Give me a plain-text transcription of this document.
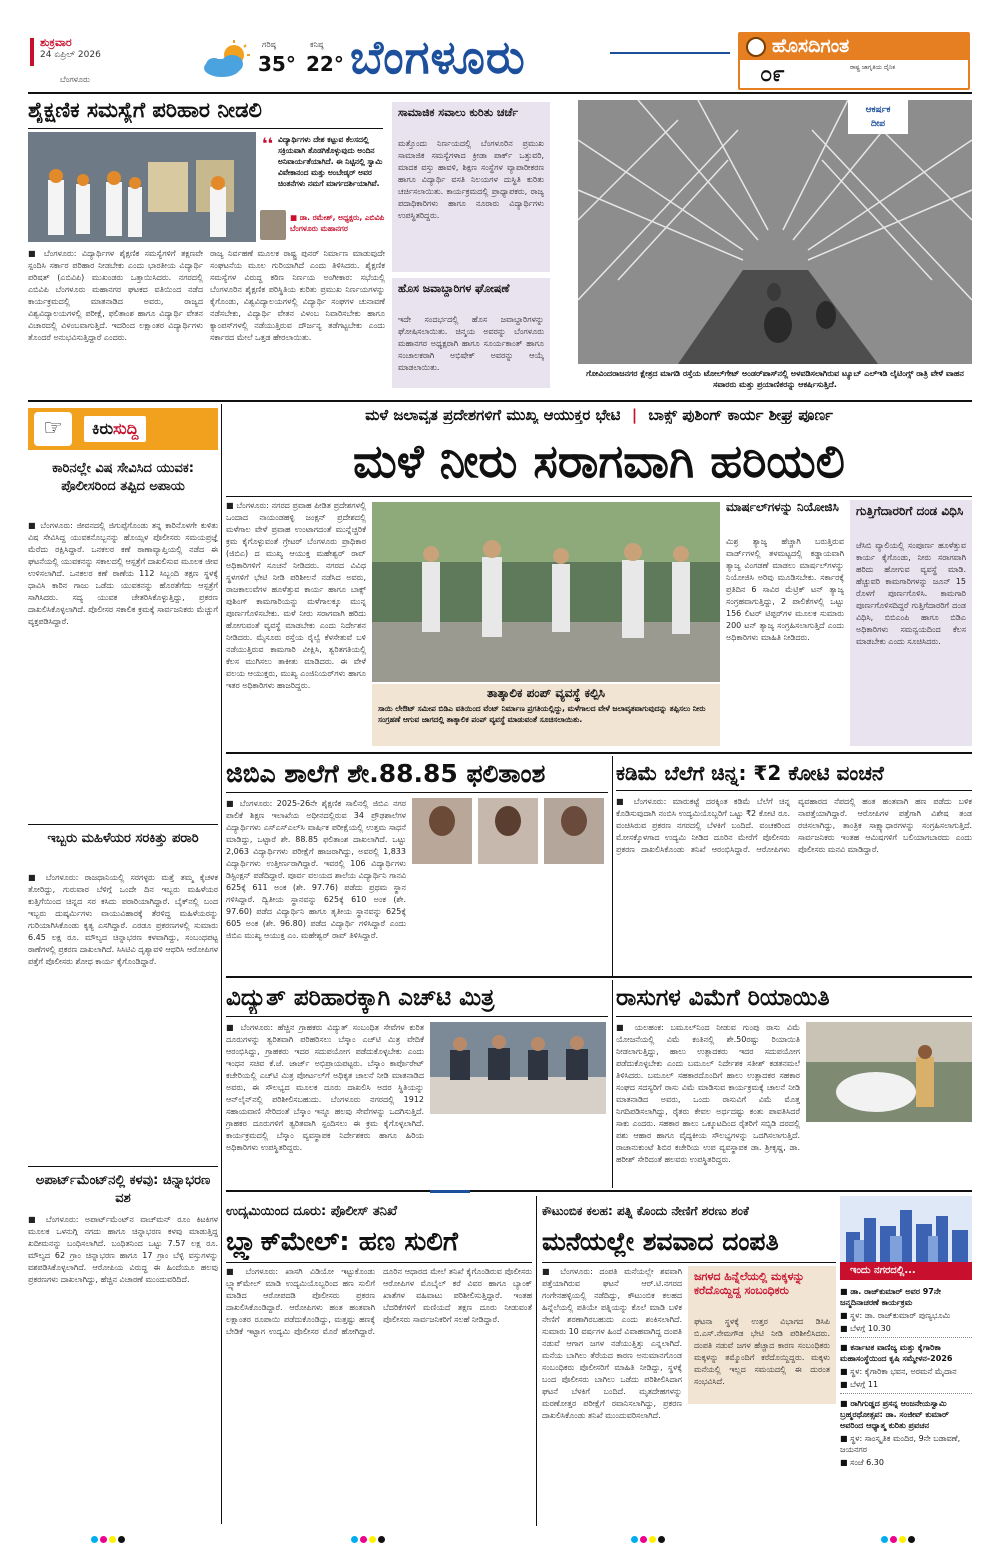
ಶುಕ್ರವಾರ
24 ಏಪ್ರಿಲ್ 2026
ಬೆಂಗಳೂರು
ಗರಿಷ್ಠ
35°
ಕನಿಷ್ಠ
22° ಬೆಂಗಳೂರು	ಹೊಸದಿಗಂತ
ರಾಷ್ಟ್ರ ಜಾಗೃತಿಯ ದೈನಿಕ
೦೯
ಶೈಕ್ಷಣಿಕ ಸಮಸ್ಯೆಗೆ ಪರಿಹಾರ ನೀಡಲಿ
❛❛ ವಿದ್ಯಾರ್ಥಿಗಳು ದೇಶ ಕಟ್ಟುವ ಕೆಲಸದಲ್ಲಿ ಸಕ್ರಿಯವಾಗಿ ತೊಡಗಿಕೊಳ್ಳುವುದು ಅಂದಿನ ಅನಿವಾರ್ಯತೆಯಾಗಿದೆ. ಈ ನಿಟ್ಟಿನಲ್ಲಿ ಸ್ವಾಮಿ ವಿವೇಕಾನಂದ ಮತ್ತು ಅಂಬೇಡ್ಕರ್ ಅವರ ಚಿಂತನೆಗಳು ನಮಗೆ ಮಾರ್ಗದರ್ಶಿಯಾಗಿವೆ.
■ ಡಾ. ರಮೇಶ್, ಅಧ್ಯಕ್ಷರು, ಎಬಿವಿಪಿ ಬೆಂಗಳೂರು ಮಹಾನಗರ
■ ಬೆಂಗಳೂರು: ವಿದ್ಯಾರ್ಥಿಗಳ ಶೈಕ್ಷಣಿಕ ಸಮಸ್ಯೆಗಳಿಗೆ ತಕ್ಷಣವೇ ಸ್ಪಂದಿಸಿ ಸರ್ಕಾರ ಪರಿಹಾರ ನೀಡಬೇಕು ಎಂದು ಭಾರತೀಯ ವಿದ್ಯಾರ್ಥಿ ಪರಿಷತ್ (ಎಬಿವಿಪಿ) ಮುಖಂಡರು ಒತ್ತಾಯಿಸಿದರು. ನಗರದಲ್ಲಿ ಎಬಿವಿಪಿ ಬೆಂಗಳೂರು ಮಹಾನಗರ ಘಟಕದ ವತಿಯಿಂದ ನಡೆದ ಕಾರ್ಯಕ್ರಮದಲ್ಲಿ ಮಾತನಾಡಿದ ಅವರು, ರಾಜ್ಯದ ವಿಶ್ವವಿದ್ಯಾಲಯಗಳಲ್ಲಿ ಪರೀಕ್ಷೆ, ಫಲಿತಾಂಶ ಹಾಗೂ ವಿದ್ಯಾರ್ಥಿ ವೇತನ ವಿಚಾರದಲ್ಲಿ ವಿಳಂಬವಾಗುತ್ತಿದೆ. ಇದರಿಂದ ಲಕ್ಷಾಂತರ ವಿದ್ಯಾರ್ಥಿಗಳು ತೊಂದರೆ ಅನುಭವಿಸುತ್ತಿದ್ದಾರೆ ಎಂದರು.
ರಾಜ್ಯ ನಿರ್ವಹಣೆ ಮೂಲಕ ರಾಷ್ಟ್ರ ಪುನರ್ ನಿರ್ಮಾಣ ಮಾಡುವುದೇ ಸಂಘಟನೆಯ ಮೂಲ ಗುರಿಯಾಗಿದೆ ಎಂದು ತಿಳಿಸಿದರು. ಶೈಕ್ಷಣಿಕ ಸಮಸ್ಯೆಗಳ ವಿರುದ್ಧ ಕಠಿಣ ನಿರ್ಣಯ ಅಂಗೀಕಾರ: ಸಭೆಯಲ್ಲಿ ಬೆಂಗಳೂರಿನ ಶೈಕ್ಷಣಿಕ ಪರಿಸ್ಥಿತಿಯ ಕುರಿತು ಪ್ರಮುಖ ನಿರ್ಣಯಗಳನ್ನು ಕೈಗೊಂಡು, ವಿಶ್ವವಿದ್ಯಾಲಯಗಳಲ್ಲಿ ವಿದ್ಯಾರ್ಥಿ ಸಂಘಗಳ ಚುನಾವಣೆ ನಡೆಸಬೇಕು, ವಿದ್ಯಾರ್ಥಿ ವೇತನ ವಿಳಂಬ ನಿವಾರಿಸಬೇಕು ಹಾಗೂ ಕ್ಯಾಂಪಸ್‌ಗಳಲ್ಲಿ ನಡೆಯುತ್ತಿರುವ ದೌರ್ಜನ್ಯ ತಡೆಗಟ್ಟಬೇಕು ಎಂದು ಸರ್ಕಾರದ ಮೇಲೆ ಒತ್ತಡ ಹೇರಲಾಯಿತು.
ಸಾಮಾಜಿಕ ಸವಾಲು ಕುರಿತು ಚರ್ಚೆ
ಮತ್ತೊಂದು ನಿರ್ಣಯದಲ್ಲಿ ಬೆಂಗಳೂರಿನ ಪ್ರಮುಖ ಸಾಮಾಜಿಕ ಸಮಸ್ಯೆಗಳಾದ ಕ್ರೀಡಾ ಪಾರ್ಕ್ ಒತ್ತುವರಿ, ಮಾದಕ ವಸ್ತು ಹಾವಳಿ, ಶಿಕ್ಷಣ ಸಂಸ್ಥೆಗಳ ವ್ಯಾಪಾರೀಕರಣ ಹಾಗೂ ವಿದ್ಯಾರ್ಥಿ ವಸತಿ ನಿಲಯಗಳ ದುಸ್ಥಿತಿ ಕುರಿತು ಚರ್ಚಿಸಲಾಯಿತು. ಕಾರ್ಯಕ್ರಮದಲ್ಲಿ ಪ್ರಾಧ್ಯಾಪಕರು, ರಾಜ್ಯ ಪದಾಧಿಕಾರಿಗಳು ಹಾಗೂ ನೂರಾರು ವಿದ್ಯಾರ್ಥಿಗಳು ಉಪಸ್ಥಿತರಿದ್ದರು.
ಹೊಸ ಜವಾಬ್ದಾರಿಗಳ ಘೋಷಣೆ
ಇದೇ ಸಂದರ್ಭದಲ್ಲಿ ಹೊಸ ಜವಾಬ್ದಾರಿಗಳನ್ನು ಘೋಷಿಸಲಾಯಿತು. ಚಿನ್ಮಯ ಅವರನ್ನು ಬೆಂಗಳೂರು ಮಹಾನಗರ ಅಧ್ಯಕ್ಷರಾಗಿ ಹಾಗೂ ಸೂರ್ಯಕಾಂತ್ ಹಾಗೂ ಸಂಚಾಲಕರಾಗಿ ಅಭಿಷೇಕ್ ಅವರನ್ನು ಆಯ್ಕೆ ಮಾಡಲಾಯಿತು.
ಆಕರ್ಷಕ
ದೀಪ
ಗೋವಿಂದರಾಜನಗರ ಕ್ಷೇತ್ರದ ಮಾಗಡಿ ರಸ್ತೆಯ ಟೋಲ್‌ಗೇಟ್ ಅಂಡರ್‌ಪಾಸ್‌ನಲ್ಲಿ ಅಳವಡಿಸಲಾಗಿರುವ ಟ್ಯೂಬ್ ಎಲ್‌ಇಡಿ ಲೈಟಿಂಗ್ಸ್ ರಾತ್ರಿ ವೇಳೆ ವಾಹನ ಸವಾರರು ಮತ್ತು ಪ್ರಯಾಣಿಕರನ್ನು ಆಕರ್ಷಿಸುತ್ತಿದೆ.
☞	ಕಿರುಸುದ್ದಿ
ಕಾರಿನಲ್ಲೇ ವಿಷ ಸೇವಿಸಿದ ಯುವಕ: ಪೊಲೀಸರಿಂದ ತಪ್ಪಿದ ಅಪಾಯ
■ ಬೆಂಗಳೂರು: ಜೀವನದಲ್ಲಿ ಜಿಗುಪ್ಸೆಗೊಂಡು ತನ್ನ ಕಾರಿನೊಳಗೇ ಕುಳಿತು ವಿಷ ಸೇವಿಸಿದ್ದ ಯುವಕನೊಬ್ಬನನ್ನು ಹೊಯ್ಸಳ ಪೊಲೀಸರು ಸಮಯಪ್ರಜ್ಞೆ ಮೆರೆದು ರಕ್ಷಿಸಿದ್ದಾರೆ. ಒನಕಲರ ಕಣೆ ಠಾಣಾವ್ಯಾಪ್ತಿಯಲ್ಲಿ ನಡೆದ ಈ ಘಟನೆಯಲ್ಲಿ ಯುವಕನನ್ನು ಸಕಾಲದಲ್ಲಿ ಆಸ್ಪತ್ರೆಗೆ ದಾಖಲಿಸುವ ಮೂಲಕ ಜೀವ ಉಳಿಸಲಾಗಿದೆ. ಒನಕಲರ ಕಣೆ ಠಾಣೆಯ 112 ಸಿಬ್ಬಂದಿ ತಕ್ಷಣ ಸ್ಥಳಕ್ಕೆ ಧಾವಿಸಿ ಕಾರಿನ ಗಾಜು ಒಡೆದು ಯುವಕನನ್ನು ಹೊರತೆಗೆದು ಆಸ್ಪತ್ರೆಗೆ ಸಾಗಿಸಿದರು. ಸದ್ಯ ಯುವಕ ಚೇತರಿಸಿಕೊಳ್ಳುತ್ತಿದ್ದು, ಪ್ರಕರಣ ದಾಖಲಿಸಿಕೊಳ್ಳಲಾಗಿದೆ. ಪೊಲೀಸರ ಸಕಾಲಿಕ ಕ್ರಮಕ್ಕೆ ಸಾರ್ವಜನಿಕರು ಮೆಚ್ಚುಗೆ ವ್ಯಕ್ತಪಡಿಸಿದ್ದಾರೆ.
ಇಬ್ಬರು ಮಹಿಳೆಯರ ಸರಕಿತ್ತು ಪರಾರಿ
■ ಬೆಂಗಳೂರು: ರಾಜಧಾನಿಯಲ್ಲಿ ಸರಗಳ್ಳರು ಮತ್ತೆ ತಮ್ಮ ಕೈಚಳಕ ತೋರಿದ್ದು, ಗುರುವಾರ ಬೆಳಿಗ್ಗೆ ಒಂದೇ ದಿನ ಇಬ್ಬರು ಮಹಿಳೆಯರ ಕುತ್ತಿಗೆಯಿಂದ ಚಿನ್ನದ ಸರ ಕಸಿದು ಪರಾರಿಯಾಗಿದ್ದಾರೆ. ಬೈಕ್‌ನಲ್ಲಿ ಬಂದ ಇಬ್ಬರು ದುಷ್ಕರ್ಮಿಗಳು ವಾಯುವಿಹಾರಕ್ಕೆ ತೆರಳಿದ್ದ ಮಹಿಳೆಯರನ್ನು ಗುರಿಯಾಗಿಸಿಕೊಂಡು ಕೃತ್ಯ ಎಸಗಿದ್ದಾರೆ. ಎರಡೂ ಪ್ರಕರಣಗಳಲ್ಲಿ ಸುಮಾರು 6.45 ಲಕ್ಷ ರೂ. ಮೌಲ್ಯದ ಚಿನ್ನಾಭರಣ ಕಳವಾಗಿದ್ದು, ಸಂಬಂಧಪಟ್ಟ ಠಾಣೆಗಳಲ್ಲಿ ಪ್ರಕರಣ ದಾಖಲಾಗಿದೆ. ಸಿಸಿಟಿವಿ ದೃಶ್ಯಾವಳಿ ಆಧರಿಸಿ ಆರೋಪಿಗಳ ಪತ್ತೆಗೆ ಪೊಲೀಸರು ಶೋಧ ಕಾರ್ಯ ಕೈಗೊಂಡಿದ್ದಾರೆ.
ಅಪಾರ್ಟ್‌ಮೆಂಟ್‌ನಲ್ಲಿ ಕಳವು: ಚಿನ್ನಾಭರಣ ವಶ
■ ಬೆಂಗಳೂರು: ಅಪಾರ್ಟ್‌ಮೆಂಟ್‌ನ ವಾಚ್‌ಮನ್ ರೂಂ ಕಿಟಕಿಗಳ ಮೂಲಕ ಒಳನುಗ್ಗಿ ನಗದು ಹಾಗೂ ಚಿನ್ನಾಭರಣ ಕಳವು ಮಾಡುತ್ತಿದ್ದ ಖದೀಮನನ್ನು ಬಂಧಿಸಲಾಗಿದೆ. ಬಂಧಿತನಿಂದ ಒಟ್ಟು 7.57 ಲಕ್ಷ ರೂ. ಮೌಲ್ಯದ 62 ಗ್ರಾಂ ಚಿನ್ನಾಭರಣ ಹಾಗೂ 17 ಗ್ರಾಂ ಬೆಳ್ಳಿ ವಸ್ತುಗಳನ್ನು ವಶಪಡಿಸಿಕೊಳ್ಳಲಾಗಿದೆ. ಆರೋಪಿಯ ವಿರುದ್ಧ ಈ ಹಿಂದೆಯೂ ಹಲವು ಪ್ರಕರಣಗಳು ದಾಖಲಾಗಿದ್ದು, ಹೆಚ್ಚಿನ ವಿಚಾರಣೆ ಮುಂದುವರಿದಿದೆ.
ಮಳೆ ಜಲಾವೃತ ಪ್ರದೇಶಗಳಿಗೆ ಮುಖ್ಯ ಆಯುಕ್ತರ ಭೇಟಿ | ಬಾಕ್ಸ್ ಪುಶಿಂಗ್ ಕಾರ್ಯ ಶೀಘ್ರ ಪೂರ್ಣ
ಮಳೆ ನೀರು ಸರಾಗವಾಗಿ ಹರಿಯಲಿ
■ ಬೆಂಗಳೂರು: ನಗರದ ಪ್ರವಾಹ ಪೀಡಿತ ಪ್ರದೇಶಗಳಲ್ಲಿ ಒಂದಾದ ನಾಯಂಡಹಳ್ಳಿ ಜಂಕ್ಷನ್ ಪ್ರದೇಶದಲ್ಲಿ ಮಳೆಗಾಲ ವೇಳೆ ಪ್ರವಾಹ ಉಂಟಾಗದಂತೆ ಮುನ್ನೆಚ್ಚರಿಕೆ ಕ್ರಮ ಕೈಗೊಳ್ಳುವಂತೆ ಗ್ರೇಟರ್ ಬೆಂಗಳೂರು ಪ್ರಾಧಿಕಾರ (ಜಿಬಿಎ) ದ ಮುಖ್ಯ ಆಯುಕ್ತ ಮಹೇಶ್ವರ್ ರಾವ್ ಅಧಿಕಾರಿಗಳಿಗೆ ಸೂಚನೆ ನೀಡಿದರು. ನಗರದ ವಿವಿಧ ಸ್ಥಳಗಳಿಗೆ ಭೇಟಿ ನೀಡಿ ಪರಿಶೀಲನೆ ನಡೆಸಿದ ಅವರು, ರಾಜಕಾಲುವೆಗಳ ಹೂಳೆತ್ತುವ ಕಾರ್ಯ ಹಾಗೂ ಬಾಕ್ಸ್ ಪುಶಿಂಗ್ ಕಾಮಗಾರಿಯನ್ನು ಮಳೆಗಾಲಕ್ಕೂ ಮುನ್ನ ಪೂರ್ಣಗೊಳಿಸಬೇಕು. ಮಳೆ ನೀರು ಸರಾಗವಾಗಿ ಹರಿದು ಹೋಗುವಂತೆ ವ್ಯವಸ್ಥೆ ಮಾಡಬೇಕು ಎಂದು ನಿರ್ದೇಶನ ನೀಡಿದರು. ಮೈಸೂರು ರಸ್ತೆಯ ರೈಲ್ವೆ ಕೆಳಸೇತುವೆ ಬಳಿ ನಡೆಯುತ್ತಿರುವ ಕಾಮಗಾರಿ ವೀಕ್ಷಿಸಿ, ತ್ವರಿತಗತಿಯಲ್ಲಿ ಕೆಲಸ ಮುಗಿಸಲು ತಾಕೀತು ಮಾಡಿದರು. ಈ ವೇಳೆ ವಲಯ ಆಯುಕ್ತರು, ಮುಖ್ಯ ಎಂಜಿನಿಯರ್‌ಗಳು ಹಾಗೂ ಇತರ ಅಧಿಕಾರಿಗಳು ಹಾಜರಿದ್ದರು.
ತಾತ್ಕಾಲಿಕ ಪಂಪ್ ವ್ಯವಸ್ಥೆ ಕಲ್ಪಿಸಿ
ಸಾಯಿ ಲೇಔಟ್ ಸಮೀಪ ಬಿಡಿಎ ವತಿಯಿಂದ ವೆಂಟ್ ನಿರ್ಮಾಣ ಪ್ರಗತಿಯಲ್ಲಿದ್ದು, ಮಳೆಗಾಲದ ವೇಳೆ ಜಲಾವೃತವಾಗುವುದನ್ನು ತಪ್ಪಿಸಲು ನೀರು ಸಂಗ್ರಹಣೆ ಆಗುವ ಜಾಗದಲ್ಲಿ ತಾತ್ಕಾಲಿಕ ಪಂಪ್ ವ್ಯವಸ್ಥೆ ಮಾಡುವಂತೆ ಸೂಚಿಸಲಾಯಿತು.
ಮಾರ್ಷಲ್‌ಗಳನ್ನು ನಿಯೋಜಿಸಿ
ಮಿಶ್ರ ತ್ಯಾಜ್ಯ ಹೆಚ್ಚಾಗಿ ಬರುತ್ತಿರುವ ವಾರ್ಡ್‌ಗಳಲ್ಲಿ ತಳಮಟ್ಟದಲ್ಲಿ ಕಡ್ಡಾಯವಾಗಿ ತ್ಯಾಜ್ಯ ವಿಂಗಡಣೆ ಮಾಡಲು ಮಾರ್ಷಲ್‌ಗಳನ್ನು ನಿಯೋಜಿಸಿ ಅರಿವು ಮೂಡಿಸಬೇಕು. ಸರ್ಕಾರಕ್ಕೆ ಪ್ರತಿದಿನ 6 ಸಾವಿರ ಮೆಟ್ರಿಕ್ ಟನ್ ತ್ಯಾಜ್ಯ ಸಂಗ್ರಹವಾಗುತ್ತಿದ್ದು, 2 ಪಾಲಿಕೆಗಳಲ್ಲಿ ಒಟ್ಟು 156 ಲಿಟರ್ ಟಿಪ್ಪರ್‌ಗಳ ಮೂಲಕ ಸುಮಾರು 200 ಟನ್ ತ್ಯಾಜ್ಯ ಸಂಗ್ರಹಿಸಲಾಗುತ್ತಿದೆ ಎಂದು ಅಧಿಕಾರಿಗಳು ಮಾಹಿತಿ ನೀಡಿದರು.
ಗುತ್ತಿಗೆದಾರರಿಗೆ ದಂಡ ವಿಧಿಸಿ
ಜೆಸಿಬಿ ವ್ಯಾಲಿಯಲ್ಲಿ ಸಂಪೂರ್ಣ ಹೂಳೆತ್ತುವ ಕಾರ್ಯ ಕೈಗೊಂಡು, ನೀರು ಸರಾಗವಾಗಿ ಹರಿದು ಹೋಗುವ ವ್ಯವಸ್ಥೆ ಮಾಡಿ. ಹೆಚ್ಚುವರಿ ಕಾಮಗಾರಿಗಳನ್ನು ಜೂನ್ 15 ರೊಳಗೆ ಪೂರ್ಣಗೊಳಿಸಿ. ಕಾಮಗಾರಿ ಪೂರ್ಣಗೊಳಿಸದಿದ್ದರೆ ಗುತ್ತಿಗೆದಾರರಿಗೆ ದಂಡ ವಿಧಿಸಿ, ಬಿಬಿಎಂಪಿ ಹಾಗೂ ಬಿಡಿಎ ಅಧಿಕಾರಿಗಳು ಸಮನ್ವಯದಿಂದ ಕೆಲಸ ಮಾಡಬೇಕು ಎಂದು ಸೂಚಿಸಿದರು.
ಜಿಬಿಎ ಶಾಲೆಗೆ ಶೇ.88.85 ಫಲಿತಾಂಶ
■ ಬೆಂಗಳೂರು: 2025-26ನೇ ಶೈಕ್ಷಣಿಕ ಸಾಲಿನಲ್ಲಿ ಜಿಬಿಎ ನಗರ ಪಾಲಿಕೆ ಶಿಕ್ಷಣ ಇಲಾಖೆಯ ಅಧೀನದಲ್ಲಿರುವ 34 ಪ್ರೌಢಶಾಲೆಗಳ ವಿದ್ಯಾರ್ಥಿಗಳು ಎಸ್‌ಎಸ್‌ಎಲ್‌ಸಿ ವಾರ್ಷಿಕ ಪರೀಕ್ಷೆಯಲ್ಲಿ ಉತ್ತಮ ಸಾಧನೆ ಮಾಡಿದ್ದು, ಒಟ್ಟಾರೆ ಶೇ. 88.85 ಫಲಿತಾಂಶ ದಾಖಲಾಗಿದೆ. ಒಟ್ಟು 2,063 ವಿದ್ಯಾರ್ಥಿಗಳು ಪರೀಕ್ಷೆಗೆ ಹಾಜರಾಗಿದ್ದು, ಅವರಲ್ಲಿ 1,833 ವಿದ್ಯಾರ್ಥಿಗಳು ಉತ್ತೀರ್ಣರಾಗಿದ್ದಾರೆ. ಇವರಲ್ಲಿ 106 ವಿದ್ಯಾರ್ಥಿಗಳು ಡಿಸ್ಟಿಂಕ್ಷನ್ ಪಡೆದಿದ್ದಾರೆ. ಪೂರ್ವ ವಲಯದ ಶಾಲೆಯ ವಿದ್ಯಾರ್ಥಿನಿ ಗಾನವಿ 625ಕ್ಕೆ 611 ಅಂಕ (ಶೇ. 97.76) ಪಡೆದು ಪ್ರಥಮ ಸ್ಥಾನ ಗಳಿಸಿದ್ದಾರೆ. ದ್ವಿತೀಯ ಸ್ಥಾನವನ್ನು 625ಕ್ಕೆ 610 ಅಂಕ (ಶೇ. 97.60) ಪಡೆದ ವಿದ್ಯಾರ್ಥಿನಿ ಹಾಗೂ ತೃತೀಯ ಸ್ಥಾನವನ್ನು 625ಕ್ಕೆ 605 ಅಂಕ (ಶೇ. 96.80) ಪಡೆದ ವಿದ್ಯಾರ್ಥಿ ಗಳಿಸಿದ್ದಾರೆ ಎಂದು ಜಿಬಿಎ ಮುಖ್ಯ ಆಯುಕ್ತ ಎಂ. ಮಹೇಶ್ವರ್ ರಾವ್ ತಿಳಿಸಿದ್ದಾರೆ.
ಕಡಿಮೆ ಬೆಲೆಗೆ ಚಿನ್ನ: ₹2 ಕೋಟಿ ವಂಚನೆ
■ ಬೆಂಗಳೂರು: ಮಾರುಕಟ್ಟೆ ದರಕ್ಕಿಂತ ಕಡಿಮೆ ಬೆಲೆಗೆ ಚಿನ್ನ ಕೊಡಿಸುವುದಾಗಿ ನಂಬಿಸಿ ಉದ್ಯಮಿಯೊಬ್ಬರಿಗೆ ಒಟ್ಟು ₹2 ಕೋಟಿ ರೂ. ವಂಚಿಸಿರುವ ಪ್ರಕರಣ ನಗರದಲ್ಲಿ ಬೆಳಕಿಗೆ ಬಂದಿದೆ. ವಂಚಕರಿಂದ ಮೋಸಕ್ಕೊಳಗಾದ ಉದ್ಯಮಿ ನೀಡಿದ ದೂರಿನ ಮೇರೆಗೆ ಪೊಲೀಸರು ಪ್ರಕರಣ ದಾಖಲಿಸಿಕೊಂಡು ತನಿಖೆ ಆರಂಭಿಸಿದ್ದಾರೆ. ಆರೋಪಿಗಳು ವ್ಯವಹಾರದ ನೆಪದಲ್ಲಿ ಹಂತ ಹಂತವಾಗಿ ಹಣ ಪಡೆದು ಬಳಿಕ ನಾಪತ್ತೆಯಾಗಿದ್ದಾರೆ. ಆರೋಪಿಗಳ ಪತ್ತೆಗಾಗಿ ವಿಶೇಷ ತಂಡ ರಚಿಸಲಾಗಿದ್ದು, ತಾಂತ್ರಿಕ ಸಾಕ್ಷ್ಯಾಧಾರಗಳನ್ನು ಸಂಗ್ರಹಿಸಲಾಗುತ್ತಿದೆ. ಸಾರ್ವಜನಿಕರು ಇಂತಹ ಆಮಿಷಗಳಿಗೆ ಬಲಿಯಾಗಬಾರದು ಎಂದು ಪೊಲೀಸರು ಮನವಿ ಮಾಡಿದ್ದಾರೆ.
ವಿದ್ಯುತ್ ಪರಿಹಾರಕ್ಕಾಗಿ ಎಚ್‌ಟಿ ಮಿತ್ರ
■ ಬೆಂಗಳೂರು: ಹೆಚ್ಚಿನ ಗ್ರಾಹಕರು ವಿದ್ಯುತ್ ಸಂಬಂಧಿತ ಸೇವೆಗಳ ಕುರಿತ ದೂರುಗಳನ್ನು ತ್ವರಿತವಾಗಿ ಪರಿಹರಿಸಲು ಬೆಸ್ಕಾಂ ಎಚ್‌ಟಿ ಮಿತ್ರ ವೇದಿಕೆ ಆರಂಭಿಸಿದ್ದು, ಗ್ರಾಹಕರು ಇದರ ಸದುಪಯೋಗ ಪಡೆದುಕೊಳ್ಳಬೇಕು ಎಂದು ಇಂಧನ ಸಚಿವ ಕೆ.ಜೆ. ಜಾರ್ಜ್ ಅಭಿಪ್ರಾಯಪಟ್ಟರು. ಬೆಸ್ಕಾಂ ಕಾರ್ಪೊರೇಟ್ ಕಚೇರಿಯಲ್ಲಿ ಎಚ್‌ಟಿ ಮಿತ್ರ ಪೋರ್ಟಲ್‌ಗೆ ಅಧಿಕೃತ ಚಾಲನೆ ನೀಡಿ ಮಾತನಾಡಿದ ಅವರು, ಈ ಸೌಲಭ್ಯದ ಮೂಲಕ ದೂರು ದಾಖಲಿಸಿ ಅದರ ಸ್ಥಿತಿಯನ್ನು ಆನ್‌ಲೈನ್‌ನಲ್ಲಿ ಪರಿಶೀಲಿಸಬಹುದು. ಬೆಂಗಳೂರು ನಗರದಲ್ಲಿ 1912 ಸಹಾಯವಾಣಿ ಸೇರಿದಂತೆ ಬೆಸ್ಕಾಂ ಇನ್ನೂ ಹಲವು ಸೇವೆಗಳನ್ನು ಒದಗಿಸುತ್ತಿದೆ. ಗ್ರಾಹಕರ ದೂರುಗಳಿಗೆ ತ್ವರಿತವಾಗಿ ಸ್ಪಂದಿಸಲು ಈ ಕ್ರಮ ಕೈಗೊಳ್ಳಲಾಗಿದೆ. ಕಾರ್ಯಕ್ರಮದಲ್ಲಿ ಬೆಸ್ಕಾಂ ವ್ಯವಸ್ಥಾಪಕ ನಿರ್ದೇಶಕರು ಹಾಗೂ ಹಿರಿಯ ಅಧಿಕಾರಿಗಳು ಉಪಸ್ಥಿತರಿದ್ದರು.
ರಾಸುಗಳ ವಿಮೆಗೆ ರಿಯಾಯಿತಿ
■ ಯಲಹಂಕ: ಬಮೂಲ್‌ನಿಂದ ನೀಡುವ ಗುಂಪು ರಾಸು ವಿಮೆ ಯೋಜನೆಯಲ್ಲಿ ವಿಮೆ ಕಂತಿನಲ್ಲಿ ಶೇ.50ರಷ್ಟು ರಿಯಾಯಿತಿ ನೀಡಲಾಗುತ್ತಿದ್ದು, ಹಾಲು ಉತ್ಪಾದಕರು ಇದರ ಸದುಪಯೋಗ ಪಡೆದುಕೊಳ್ಳಬೇಕು ಎಂದು ಬಮೂಲ್ ನಿರ್ದೇಶಕ ಸತೀಶ್ ಕಡತನಮಲೆ ತಿಳಿಸಿದರು. ಬಮೂಲ್ ಸಹಕಾರದೊಂದಿಗೆ ಹಾಲು ಉತ್ಪಾದಕರ ಸಹಕಾರ ಸಂಘದ ಸದಸ್ಯರಿಗೆ ರಾಸು ವಿಮೆ ಮಾಡಿಸುವ ಕಾರ್ಯಕ್ರಮಕ್ಕೆ ಚಾಲನೆ ನೀಡಿ ಮಾತನಾಡಿದ ಅವರು, ಒಂದು ರಾಸುವಿಗೆ ವಿಮೆ ಮೊತ್ತ ನಿಗದಿಪಡಿಸಲಾಗಿದ್ದು, ರೈತರು ಕೇವಲ ಅರ್ಧದಷ್ಟು ಕಂತು ಪಾವತಿಸಿದರೆ ಸಾಕು ಎಂದರು. ಸಹಕಾರ ಹಾಲು ಒಕ್ಕೂಟದಿಂದ ರೈತರಿಗೆ ಸಬ್ಸಿಡಿ ದರದಲ್ಲಿ ಪಶು ಆಹಾರ ಹಾಗೂ ವೈದ್ಯಕೀಯ ಸೌಲಭ್ಯಗಳನ್ನು ಒದಗಿಸಲಾಗುತ್ತಿದೆ. ರಾಜಾನುಕುಂಟೆ ಶಿಬಿರ ಕಚೇರಿಯ ಉಪ ವ್ಯವಸ್ಥಾಪಕ ಡಾ. ಶ್ರೀಕೃಷ್ಣ, ಡಾ. ಹರೀಶ್ ಸೇರಿದಂತೆ ಹಲವರು ಉಪಸ್ಥಿತರಿದ್ದರು.
ಉದ್ಯಮಿಯಿಂದ ದೂರು: ಪೊಲೀಸ್ ತನಿಖೆ
ಬ್ಲ್ಯಾಕ್‌ಮೇಲ್: ಹಣ ಸುಲಿಗೆ
■ ಬೆಂಗಳೂರು: ಖಾಸಗಿ ವಿಡಿಯೋ ಇಟ್ಟುಕೊಂಡು ಬ್ಲ್ಯಾಕ್‌ಮೇಲ್ ಮಾಡಿ ಉದ್ಯಮಿಯೊಬ್ಬರಿಂದ ಹಣ ಸುಲಿಗೆ ಮಾಡಿದ ಆರೋಪದಡಿ ಪೊಲೀಸರು ಪ್ರಕರಣ ದಾಖಲಿಸಿಕೊಂಡಿದ್ದಾರೆ. ಆರೋಪಿಗಳು ಹಂತ ಹಂತವಾಗಿ ಲಕ್ಷಾಂತರ ರೂಪಾಯಿ ಪಡೆದುಕೊಂಡಿದ್ದು, ಮತ್ತಷ್ಟು ಹಣಕ್ಕೆ ಬೇಡಿಕೆ ಇಟ್ಟಾಗ ಉದ್ಯಮಿ ಪೊಲೀಸರ ಮೊರೆ ಹೋಗಿದ್ದಾರೆ. ದೂರಿನ ಆಧಾರದ ಮೇಲೆ ತನಿಖೆ ಕೈಗೊಂಡಿರುವ ಪೊಲೀಸರು ಆರೋಪಿಗಳ ಮೊಬೈಲ್ ಕರೆ ವಿವರ ಹಾಗೂ ಬ್ಯಾಂಕ್ ಖಾತೆಗಳ ವಹಿವಾಟು ಪರಿಶೀಲಿಸುತ್ತಿದ್ದಾರೆ. ಇಂತಹ ಬೆದರಿಕೆಗಳಿಗೆ ಮಣಿಯದೆ ತಕ್ಷಣ ದೂರು ನೀಡುವಂತೆ ಪೊಲೀಸರು ಸಾರ್ವಜನಿಕರಿಗೆ ಸಲಹೆ ನೀಡಿದ್ದಾರೆ.
ಕೌಟುಂಬಿಕ ಕಲಹ: ಪತ್ನಿ ಕೊಂದು ನೇಣಿಗೆ ಶರಣು ಶಂಕೆ
ಮನೆಯಲ್ಲೇ ಶವವಾದ ದಂಪತಿ
■ ಬೆಂಗಳೂರು: ದಂಪತಿ ಮನೆಯಲ್ಲೇ ಶವವಾಗಿ ಪತ್ತೆಯಾಗಿರುವ ಘಟನೆ ಆರ್.ಟಿ.ನಗರದ ಗಂಗೇನಹಳ್ಳಿಯಲ್ಲಿ ನಡೆದಿದ್ದು, ಕೌಟುಂಬಿಕ ಕಲಹದ ಹಿನ್ನೆಲೆಯಲ್ಲಿ ಪತಿಯೇ ಪತ್ನಿಯನ್ನು ಕೊಲೆ ಮಾಡಿ ಬಳಿಕ ನೇಣಿಗೆ ಶರಣಾಗಿರಬಹುದು ಎಂದು ಶಂಕಿಸಲಾಗಿದೆ. ಸುಮಾರು 10 ವರ್ಷಗಳ ಹಿಂದೆ ವಿವಾಹವಾಗಿದ್ದ ದಂಪತಿ ನಡುವೆ ಆಗಾಗ ಜಗಳ ನಡೆಯುತ್ತಿತ್ತು ಎನ್ನಲಾಗಿದೆ. ಮನೆಯ ಬಾಗಿಲು ತೆರೆಯದ ಕಾರಣ ಅನುಮಾನಗೊಂಡ ಸಂಬಂಧಿಕರು ಪೊಲೀಸರಿಗೆ ಮಾಹಿತಿ ನೀಡಿದ್ದು, ಸ್ಥಳಕ್ಕೆ ಬಂದ ಪೊಲೀಸರು ಬಾಗಿಲು ಒಡೆದು ಪರಿಶೀಲಿಸಿದಾಗ ಘಟನೆ ಬೆಳಕಿಗೆ ಬಂದಿದೆ. ಮೃತದೇಹಗಳನ್ನು ಮರಣೋತ್ತರ ಪರೀಕ್ಷೆಗೆ ರವಾನಿಸಲಾಗಿದ್ದು, ಪ್ರಕರಣ ದಾಖಲಿಸಿಕೊಂಡು ತನಿಖೆ ಮುಂದುವರಿಸಲಾಗಿದೆ.
ಜಗಳದ ಹಿನ್ನೆಲೆಯಲ್ಲಿ ಮಕ್ಕಳನ್ನು ಕರೆದೊಯ್ದಿದ್ದ ಸಂಬಂಧಿಕರು
ಘಟನಾ ಸ್ಥಳಕ್ಕೆ ಉತ್ತರ ವಿಭಾಗದ ಡಿಸಿಪಿ ಬಿ.ಎಸ್.ನೇಮಗೌಡ ಭೇಟಿ ನೀಡಿ ಪರಿಶೀಲಿಸಿದರು. ದಂಪತಿ ನಡುವೆ ಜಗಳ ಹೆಚ್ಚಾದ ಕಾರಣ ಸಂಬಂಧಿಕರು ಮಕ್ಕಳನ್ನು ತಮ್ಮೊಂದಿಗೆ ಕರೆದೊಯ್ದಿದ್ದರು. ಮಕ್ಕಳು ಮನೆಯಲ್ಲಿ ಇಲ್ಲದ ಸಮಯದಲ್ಲಿ ಈ ದುರಂತ ಸಂಭವಿಸಿದೆ.
ಇಂದು ನಗರದಲ್ಲಿ...
■ ಡಾ. ರಾಜ್‌ಕುಮಾರ್ ಅವರ 97ನೇ ಜನ್ಮದಿನಾಚರಣೆ ಕಾರ್ಯಕ್ರಮ
■ ಸ್ಥಳ: ಡಾ. ರಾಜ್‌ಕುಮಾರ್ ಪುಣ್ಯಭೂಮಿ
■ ಬೆಳಗ್ಗೆ 10.30
■ ಕರ್ನಾಟಕ ವಾಣಿಜ್ಯ ಮತ್ತು ಕೈಗಾರಿಕಾ ಮಹಾಸಂಸ್ಥೆಯಿಂದ ಕೃಷಿ ಸಮ್ಮೇಳನ-2026
■ ಸ್ಥಳ: ಕೈಗಾರಿಕಾ ಭವನ, ಅರಮನೆ ಮೈದಾನ
■ ಬೆಳಗ್ಗೆ 11
■ ರಾಗಿಗುಡ್ಡದ ಪ್ರಸನ್ನ ಆಂಜನೇಯಸ್ವಾಮಿ ಬ್ರಹ್ಮರಥೋತ್ಸವ: ಡಾ. ಸಂಜೀವ್ ಕುಮಾರ್ ಅವರಿಂದ ಆಧ್ಯಾತ್ಮ ಕುರಿತು ಪ್ರವಚನ
■ ಸ್ಥಳ: ಸಾಂಸ್ಕೃತಿಕ ಮಂದಿರ, 9ನೇ ಬಡಾವಣೆ, ಜಯನಗರ
■ ಸಂಜೆ 6.30
